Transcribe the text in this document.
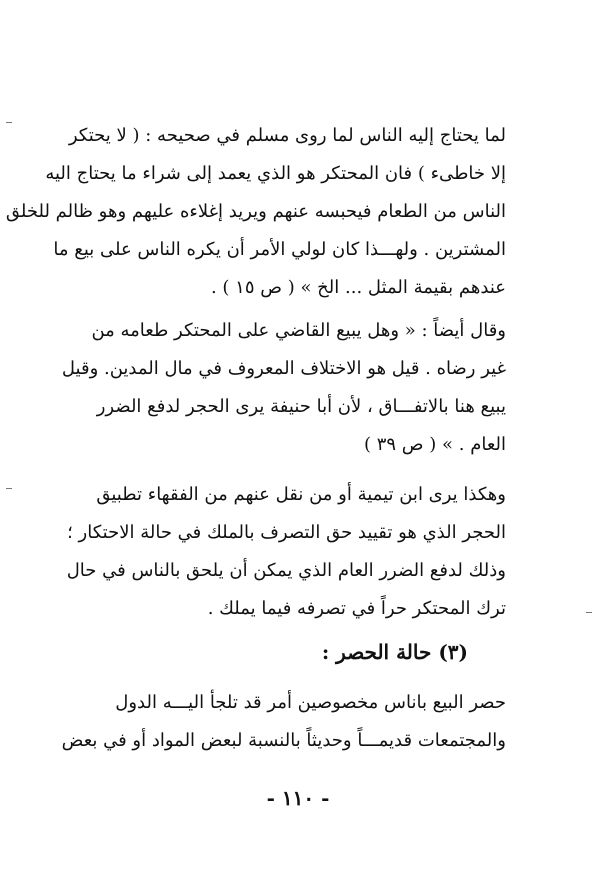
لما يحتاج إليه الناس لما روى مسلم في صحيحه : ( لا يحتكر
إلا خاطىء ) فان المحتكر هو الذي يعمد إلى شراء ما يحتاج اليه
الناس من الطعام فيحبسه عنهم ويريد إغلاءه عليهم وهو ظالم للخلق
المشترين . ولهـــذا كان لولي الأمر أن يكره الناس على بيع ما
عندهم بقيمة المثل ... الخ » ( ص ١٥ ) .
وقال أيضاً : « وهل يبيع القاضي على المحتكر طعامه من
غير رضاه . قيل هو الاختلاف المعروف في مال المدين. وقيل
يبيع هنا بالاتفـــاق ، لأن أبا حنيفة يرى الحجر لدفع الضرر
العام . » ( ص ٣٩ )
وهكذا يرى ابن تيمية أو من نقل عنهم من الفقهاء تطبيق
الحجر الذي هو تقييد حق التصرف بالملك في حالة الاحتكار ؛
وذلك لدفع الضرر العام الذي يمكن أن يلحق بالناس في حال
ترك المحتكر حراً في تصرفه فيما يملك .
(٣) حالة الحصر :
حصر البيع باناس مخصوصين أمر قد تلجأ اليـــه الدول
والمجتمعات قديمـــاً وحديثاً بالنسبة لبعض المواد أو في بعض
- ١١٠ -
